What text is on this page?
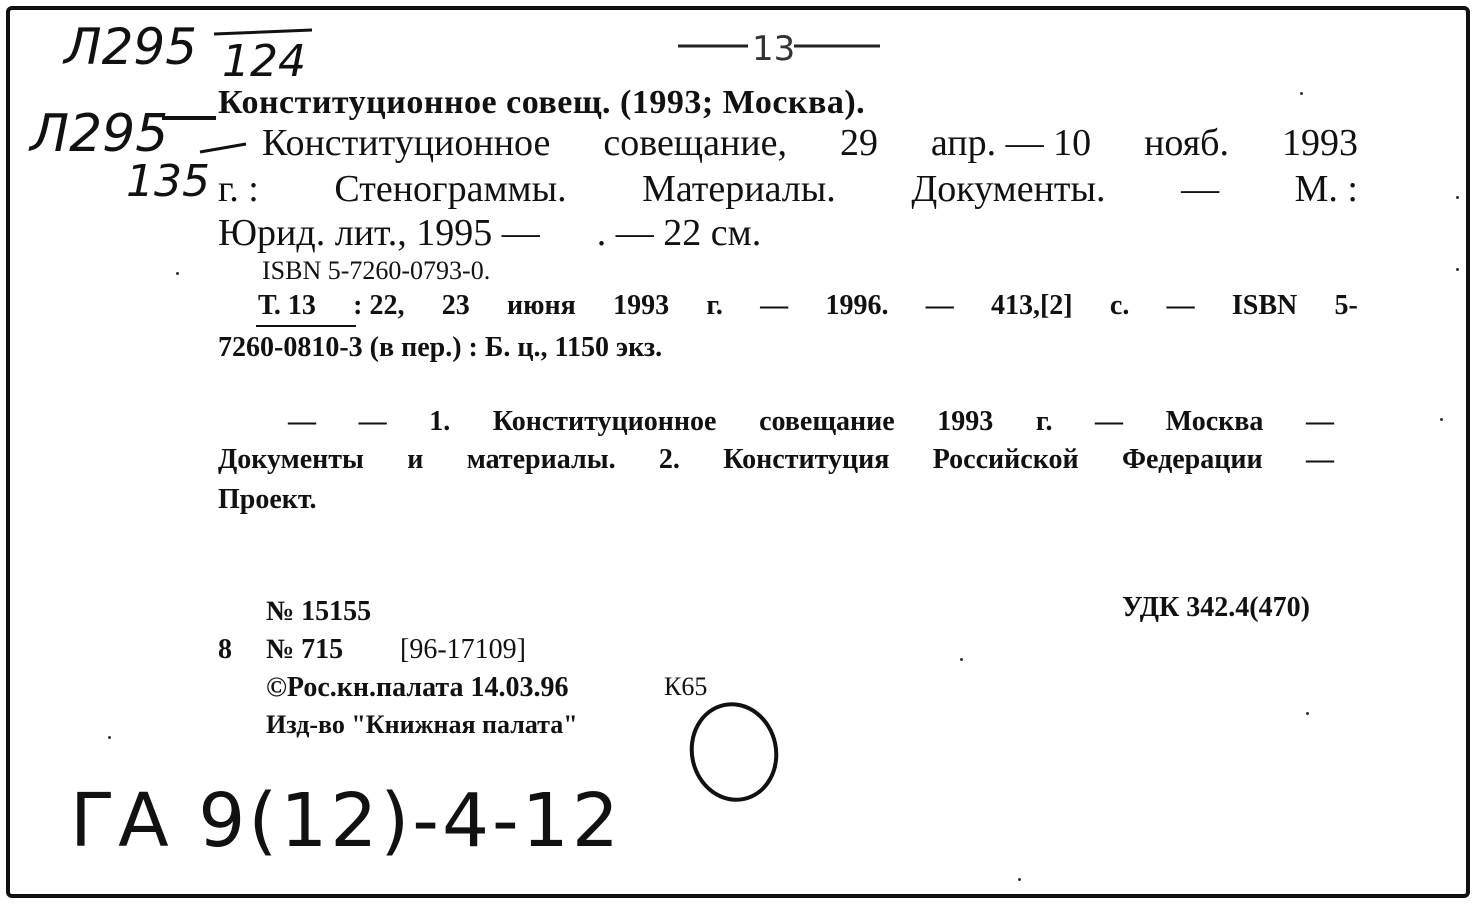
Л295 124
Л295
135
ГА 9(12)-4-12
13
Конституционное совещ. (1993; Москва).
Конституционное совещание, 29 апр. — 10 нояб. 1993
г. : Стенограммы. Материалы. Документы. — М. :
Юрид. лит., 1995 —      . — 22 см.
ISBN 5-7260-0793-0.
Т. 13 : 22, 23 июня 1993 г. — 1996. — 413,[2] с. — ISBN 5-
7260-0810-3 (в пер.) : Б. ц., 1150 экз.
— — 1. Конституционное совещание 1993 г. — Москва —
Документы и материалы. 2. Конституция Российской Федерации —
Проект.
№ 15155	УДК 342.4(470)
8 № 715 [96-17109]
©Рос.кн.палата 14.03.96	К65
Изд-во "Книжная палата"
